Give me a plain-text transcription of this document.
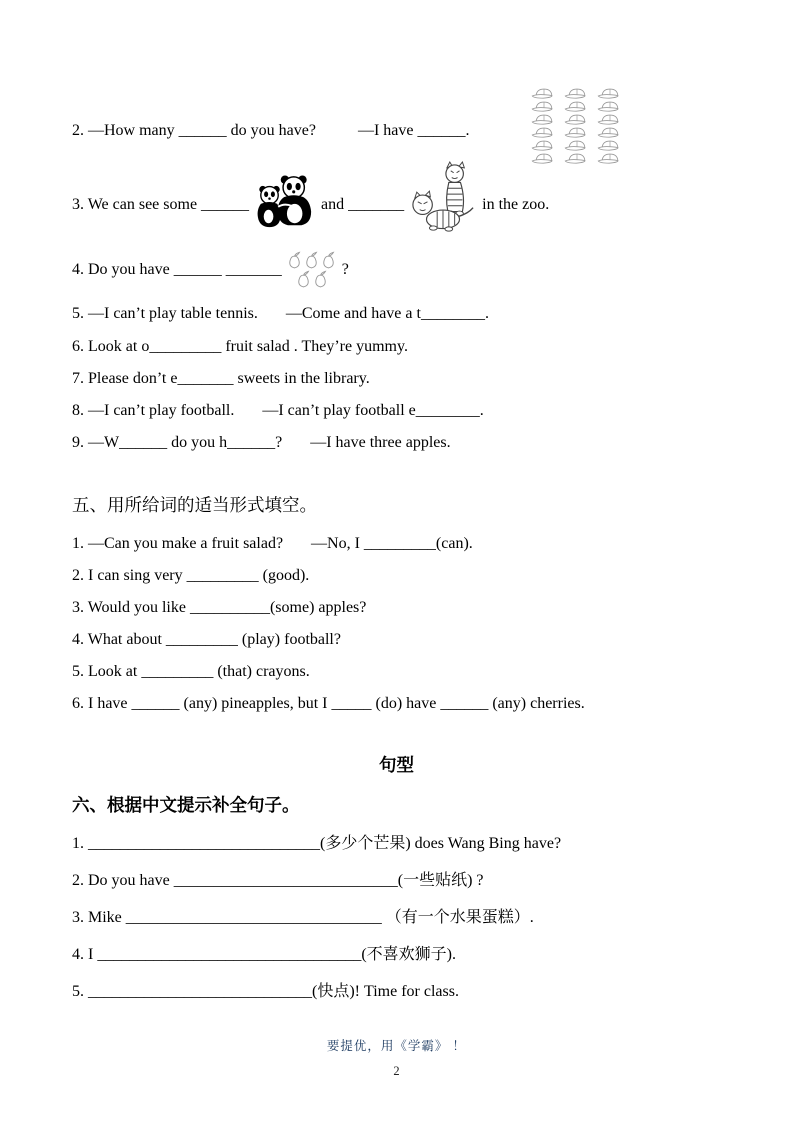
2. —How many ______ do you have?	—I have ______.
3. We can see some ______	and _______	in the zoo.
4. Do you have ______ _______	?
5. —I can’t play table tennis.       —Come and have a t________.
6. Look at o_________ fruit salad . They’re yummy.
7. Please don’t e_______ sweets in the library.
8. —I can’t play football.       —I can’t play football e________.
9. —W______ do you h______?       —I have three apples.
五、用所给词的适当形式填空。
1. —Can you make a fruit salad?       —No, I _________(can).
2. I can sing very _________ (good).
3. Would you like __________(some) apples?
4. What about _________ (play) football?
5. Look at _________ (that) crayons.
6. I have ______ (any) pineapples, but I _____ (do) have ______ (any) cherries.
句型
六、根据中文提示补全句子。
1. _____________________________(多少个芒果) does Wang Bing have?
2. Do you have ____________________________(一些贴纸) ?
3. Mike ________________________________ （有一个水果蛋糕）.
4. I _________________________________(不喜欢狮子).
5. ____________________________(快点)! Time for class.
要提优，用《学霸》 ！
2
